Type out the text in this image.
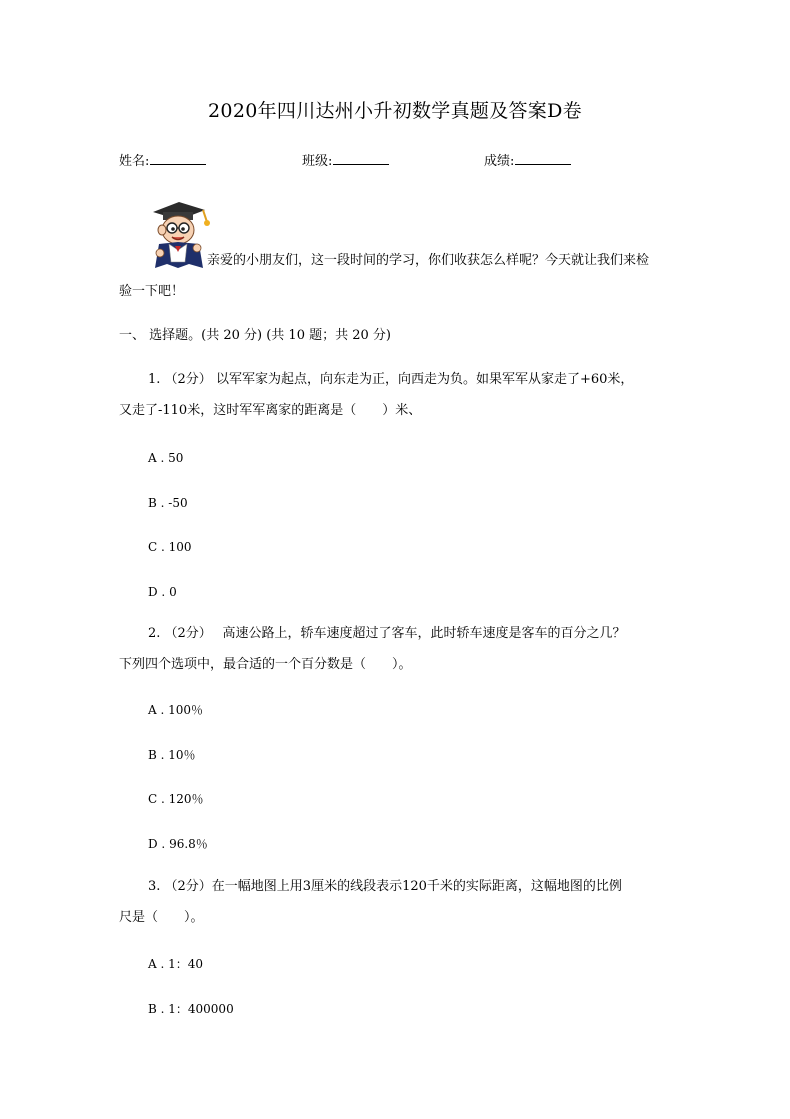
2020年四川达州小升初数学真题及答案D卷
姓名:	班级:	成绩:
亲爱的小朋友们，这一段时间的学习，你们收获怎么样呢？今天就让我们来检
验一下吧！
一、 选择题。(共 20 分) (共 10 题；共 20 分)
1. （2分） 以军军家为起点，向东走为正，向西走为负。如果军军从家走了+60米，
又走了-110米，这时军军离家的距离是（　　）米、
A . 50
B . -50
C . 100
D . 0
2. （2分）　 高速公路上，轿车速度超过了客车，此时轿车速度是客车的百分之几？
下列四个选项中，最合适的一个百分数是（　　）。
A . 100％
B . 10％
C . 120％
D . 96.8％
3. （2分）在一幅地图上用3厘米的线段表示120千米的实际距离，这幅地图的比例
尺是（　　）。
A . 1：40
B . 1：400000
